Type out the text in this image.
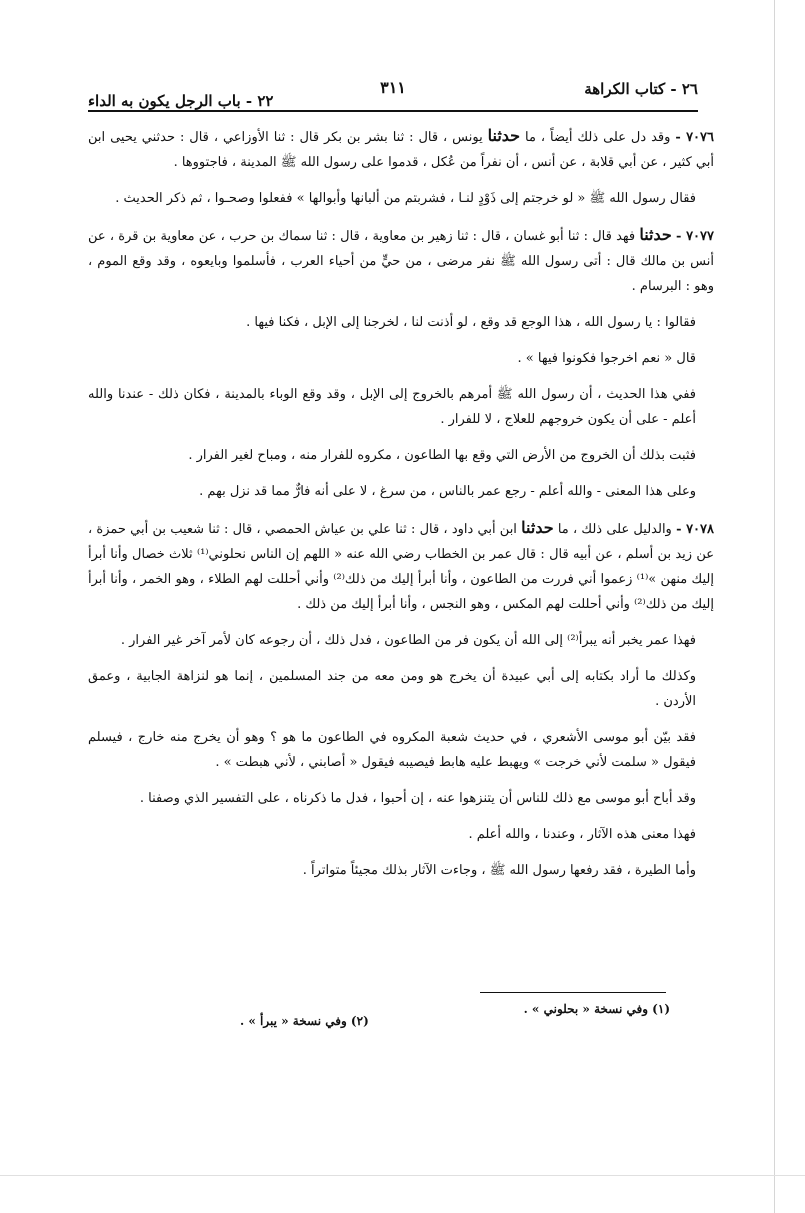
٢٦ - كتاب الكراهة
٣١١
٢٢ - باب الرجل يكون به الداء

٧٠٧٦ - وقد دل على ذلك أيضاً ، ما حدثنا يونس ، قال : ثنا بشر بن بكر قال : ثنا الأوزاعي ، قال : حدثني يحيى ابن أبي كثير ، عن أبي قلابة ، عن أنس ، أن نفراً من عُكل ، قدموا على رسول الله ﷺ المدينة ، فاجتووها .

فقال رسول الله ﷺ « لو خرجتم إلى ذَوْدٍ لنـا ، فشربتم من ألبانها وأبوالها » ففعلوا وصحـوا ، ثم ذكر الحديث .

٧٠٧٧ - حدثنا فهد قال : ثنا أبو غسان ، قال : ثنا زهير بن معاوية ، قال : ثنا سماك بن حرب ، عن معاوية بن قرة ، عن أنس بن مالك قال : أتى رسول الله ﷺ نفر مرضى ، من حيٍّ من أحياء العرب ، فأسلموا وبايعوه ، وقد وقع الموم ، وهو : البرسام .

فقالوا : يا رسول الله ، هذا الوجع قد وقع ، لو أذنت لنا ، لخرجنا إلى الإبل ، فكنا فيها .

قال « نعم اخرجوا فكونوا فيها » .

ففي هذا الحديث ، أن رسول الله ﷺ أمرهم بالخروج إلى الإبل ، وقد وقع الوباء بالمدينة ، فكان ذلك - عندنا والله أعلم - على أن يكون خروجهم للعلاج ، لا للفرار .

فثبت بذلك أن الخروج من الأرض التي وقع بها الطاعون ، مكروه للفرار منه ، ومباح لغير الفرار .

وعلى هذا المعنى - والله أعلم - رجع عمر بالناس ، من سرغ ، لا على أنه فارٌّ مما قد نزل بهم .

٧٠٧٨ - والدليل على ذلك ، ما حدثنا ابن أبي داود ، قال : ثنا علي بن عياش الحمصي ، قال : ثنا شعيب بن أبي حمزة ، عن زيد بن أسلم ، عن أبيه قال : قال عمر بن الخطاب رضي الله عنه « اللهم إن الناس نحلوني⁽¹⁾ ثلاث خصال وأنا أبرأ إليك منهن »⁽¹⁾ زعموا أني فررت من الطاعون ، وأنا أبرأ إليك من ذلك⁽²⁾ وأني أحللت لهم الطلاء ، وهو الخمر ، وأنا أبرأ إليك من ذلك⁽²⁾ وأني أحللت لهم المكس ، وهو النجس ، وأنا أبرأ إليك من ذلك .

فهذا عمر يخبر أنه يبرأ⁽²⁾ إلى الله أن يكون فر من الطاعون ، فدل ذلك ، أن رجوعه كان لأمر آخر غير الفرار .

وكذلك ما أراد بكتابه إلى أبي عبيدة أن يخرج هو ومن معه من جند المسلمين ، إنما هو لنزاهة الجابية ، وعمق الأردن .

فقد بيّن أبو موسى الأشعري ، في حديث شعبة المكروه في الطاعون ما هو ؟ وهو أن يخرج منه خارج ، فيسلم فيقول « سلمت لأني خرجت » ويهبط عليه هابط فيصيبه فيقول « أصابني ، لأني هبطت » .

وقد أباح أبو موسى مع ذلك للناس أن يتنزهوا عنه ، إن أحبوا ، فدل ما ذكرناه ، على التفسير الذي وصفنا .

فهذا معنى هذه الآثار ، وعندنا ، والله أعلم .

وأما الطيرة ، فقد رفعها رسول الله ﷺ ، وجاءت الآثار بذلك مجيئاً متواتراً .

(١) وفي نسخة « بحلوني » .
(٢) وفي نسخة « يبرأ » .
